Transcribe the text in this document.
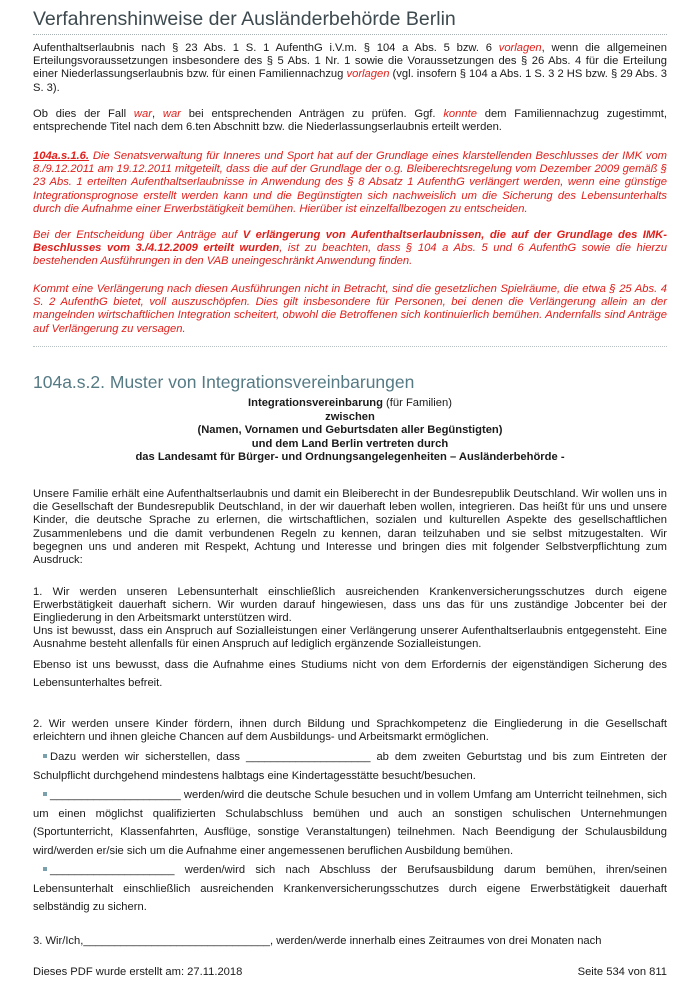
Verfahrenshinweise der Ausländerbehörde Berlin

Aufenthaltserlaubnis nach § 23 Abs. 1 S. 1 AufenthG i.V.m. § 104 a Abs. 5 bzw. 6 vorlagen, wenn die allgemeinen Erteilungsvoraussetzungen insbesondere des § 5 Abs. 1 Nr. 1 sowie die Voraussetzungen des § 26 Abs. 4 für die Erteilung einer Niederlassungserlaubnis bzw. für einen Familiennachzug vorlagen (vgl. insofern § 104 a Abs. 1 S. 3 2 HS bzw. § 29 Abs. 3 S. 3).

Ob dies der Fall war, war bei entsprechenden Anträgen zu prüfen. Ggf. konnte dem Familiennachzug zugestimmt, entsprechende Titel nach dem 6.ten Abschnitt bzw. die Niederlassungserlaubnis erteilt werden.

104a.s.1.6. Die Senatsverwaltung für Inneres und Sport hat auf der Grundlage eines klarstellenden Beschlusses der IMK vom 8./9.12.2011 am 19.12.2011 mitgeteilt, dass die auf der Grundlage der o.g. Bleiberechtsregelung vom Dezember 2009 gemäß § 23 Abs. 1 erteilten Aufenthaltserlaubnisse in Anwendung des § 8 Absatz 1 AufenthG verlängert werden, wenn eine günstige Integrationsprognose erstellt werden kann und die Begünstigten sich nachweislich um die Sicherung des Lebensunterhalts durch die Aufnahme einer Erwerbstätigkeit bemühen. Hierüber ist einzelfallbezogen zu entscheiden.

Bei der Entscheidung über Anträge auf V erlängerung von Aufenthaltserlaubnissen, die auf der Grundlage des IMK-Beschlusses vom 3./4.12.2009 erteilt wurden, ist zu beachten, dass § 104 a Abs. 5 und 6 AufenthG sowie die hierzu bestehenden Ausführungen in den VAB uneingeschränkt Anwendung finden.

Kommt eine Verlängerung nach diesen Ausführungen nicht in Betracht, sind die gesetzlichen Spielräume, die etwa § 25 Abs. 4 S. 2 AufenthG bietet, voll auszuschöpfen. Dies gilt insbesondere für Personen, bei denen die Verlängerung allein an der mangelnden wirtschaftlichen Integration scheitert, obwohl die Betroffenen sich kontinuierlich bemühen. Andernfalls sind Anträge auf Verlängerung zu versagen.

104a.s.2. Muster von Integrationsvereinbarungen
Integrationsvereinbarung (für Familien)
zwischen
(Namen, Vornamen und Geburtsdaten aller Begünstigten)
und dem Land Berlin vertreten durch
das Landesamt für Bürger- und Ordnungsangelegenheiten – Ausländerbehörde -

Unsere Familie erhält eine Aufenthaltserlaubnis und damit ein Bleiberecht in der Bundesrepublik Deutschland. Wir wollen uns in die Gesellschaft der Bundesrepublik Deutschland, in der wir dauerhaft leben wollen, integrieren. Das heißt für uns und unsere Kinder, die deutsche Sprache zu erlernen, die wirtschaftlichen, sozialen und kulturellen Aspekte des gesellschaftlichen Zusammenlebens und die damit verbundenen Regeln zu kennen, daran teilzuhaben und sie selbst mitzugestalten. Wir begegnen uns und anderen mit Respekt, Achtung und Interesse und bringen dies mit folgender Selbstverpflichtung zum Ausdruck:

1. Wir werden unseren Lebensunterhalt einschließlich ausreichenden Krankenversicherungsschutzes durch eigene Erwerbstätigkeit dauerhaft sichern. Wir wurden darauf hingewiesen, dass uns das für uns zuständige Jobcenter bei der Eingliederung in den Arbeitsmarkt unterstützen wird.

Uns ist bewusst, dass ein Anspruch auf Sozialleistungen einer Verlängerung unserer Aufenthaltserlaubnis entgegensteht. Eine Ausnahme besteht allenfalls für einen Anspruch auf lediglich ergänzende Sozialleistungen.

Ebenso ist uns bewusst, dass die Aufnahme eines Studiums nicht von dem Erfordernis der eigenständigen Sicherung des Lebensunterhaltes befreit.

2. Wir werden unsere Kinder fördern, ihnen durch Bildung und Sprachkompetenz die Eingliederung in die Gesellschaft erleichtern und ihnen gleiche Chancen auf dem Ausbildungs- und Arbeitsmarkt ermöglichen.

Dazu werden wir sicherstellen, dass ____________________ ab dem zweiten Geburtstag und bis zum Eintreten der Schulpflicht durchgehend mindestens halbtags eine Kindertagesstätte besucht/besuchen.
_____________________ werden/wird die deutsche Schule besuchen und in vollem Umfang am Unterricht teilnehmen, sich um einen möglichst qualifizierten Schulabschluss bemühen und auch an sonstigen schulischen Unternehmungen (Sportunterricht, Klassenfahrten, Ausflüge, sonstige Veranstaltungen) teilnehmen. Nach Beendigung der Schulausbildung wird/werden er/sie sich um die Aufnahme einer angemessenen beruflichen Ausbildung bemühen.
____________________ werden/wird sich nach Abschluss der Berufsausbildung darum bemühen, ihren/seinen Lebensunterhalt einschließlich ausreichenden Krankenversicherungsschutzes durch eigene Erwerbstätigkeit dauerhaft selbständig zu sichern.

3. Wir/Ich,______________________________, werden/werde innerhalb eines Zeitraumes von drei Monaten nach

Dieses PDF wurde erstellt am: 27.11.2018	Seite 534 von 811
